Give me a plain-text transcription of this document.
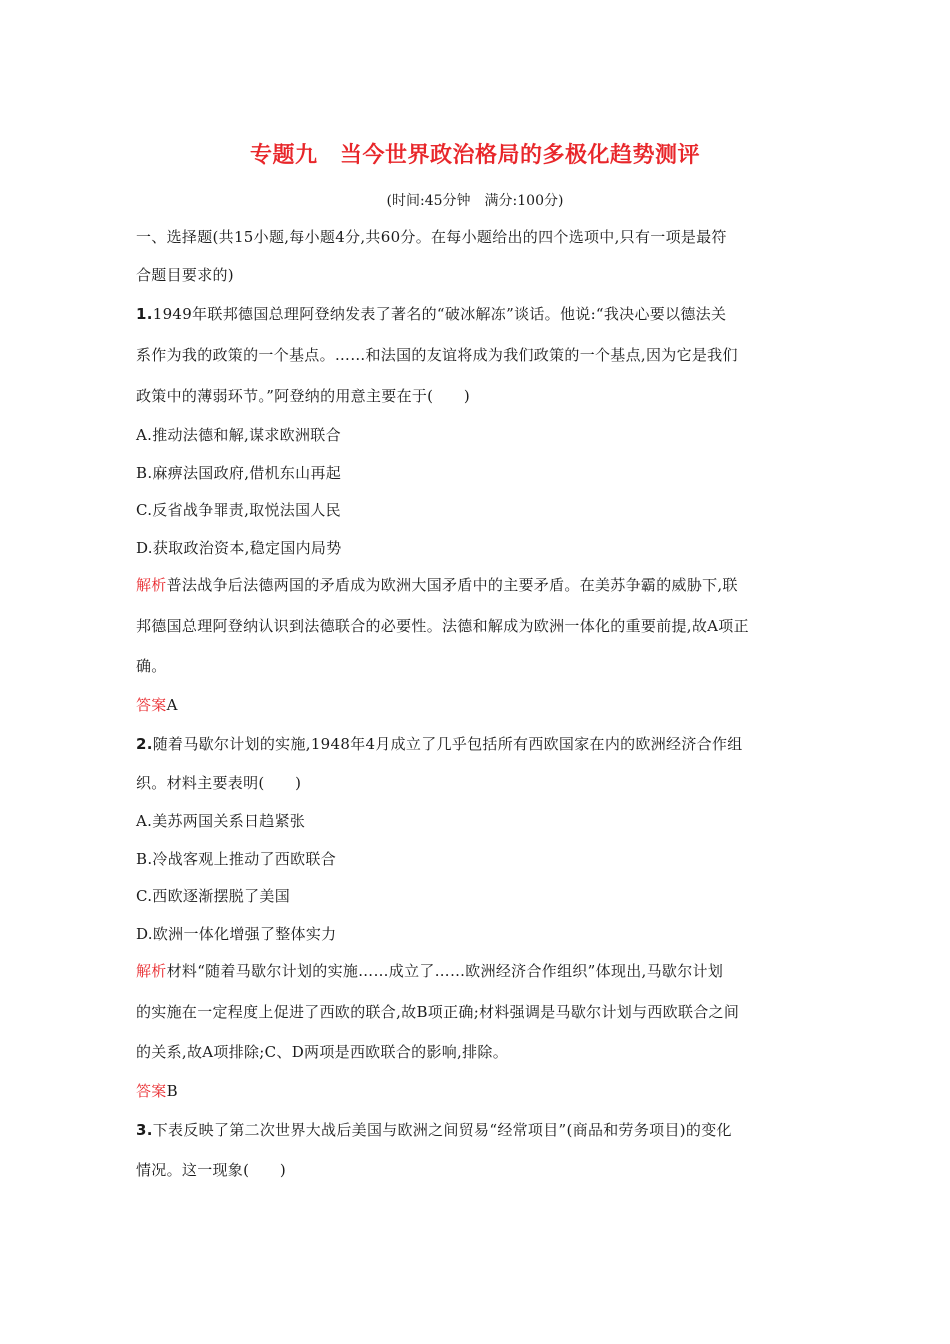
专题九　当今世界政治格局的多极化趋势测评
(时间:45分钟　满分:100分)
一、选择题(共15小题,每小题4分,共60分。在每小题给出的四个选项中,只有一项是最符
合题目要求的)
1.1949年联邦德国总理阿登纳发表了著名的“破冰解冻”谈话。他说:“我决心要以德法关
系作为我的政策的一个基点。……和法国的友谊将成为我们政策的一个基点,因为它是我们
政策中的薄弱环节。”阿登纳的用意主要在于(　　)
A.推动法德和解,谋求欧洲联合
B.麻痹法国政府,借机东山再起
C.反省战争罪责,取悦法国人民
D.获取政治资本,稳定国内局势
解析普法战争后法德两国的矛盾成为欧洲大国矛盾中的主要矛盾。在美苏争霸的威胁下,联
邦德国总理阿登纳认识到法德联合的必要性。法德和解成为欧洲一体化的重要前提,故A项正
确。
答案A
2.随着马歇尔计划的实施,1948年4月成立了几乎包括所有西欧国家在内的欧洲经济合作组
织。材料主要表明(　　)
A.美苏两国关系日趋紧张
B.冷战客观上推动了西欧联合
C.西欧逐渐摆脱了美国
D.欧洲一体化增强了整体实力
解析材料“随着马歇尔计划的实施……成立了……欧洲经济合作组织”体现出,马歇尔计划
的实施在一定程度上促进了西欧的联合,故B项正确;材料强调是马歇尔计划与西欧联合之间
的关系,故A项排除;C、D两项是西欧联合的影响,排除。
答案B
3.下表反映了第二次世界大战后美国与欧洲之间贸易“经常项目”(商品和劳务项目)的变化
情况。这一现象(　　)
